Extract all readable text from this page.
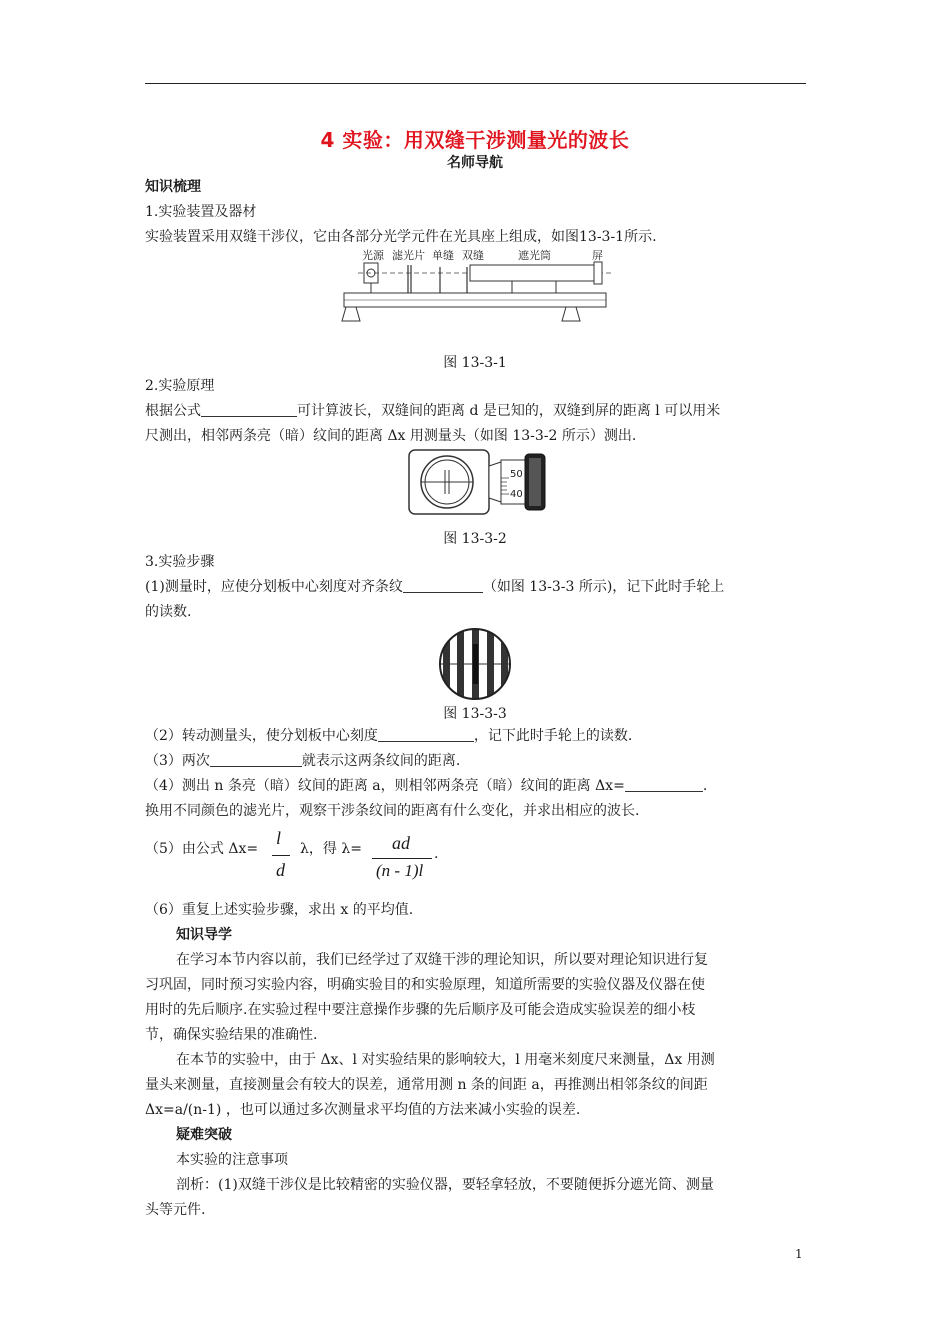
4 实验：用双缝干涉测量光的波长
名师导航
知识梳理
1.实验装置及器材
实验装置采用双缝干涉仪，它由各部分光学元件在光具座上组成，如图13-3-1所示.
光源 滤光片 单缝 双缝	遮光筒	屏
图 13-3-1
2.实验原理
根据公式	可计算波长，双缝间的距离 d 是已知的，双缝到屏的距离 l 可以用米
尺测出，相邻两条亮（暗）纹间的距离 Δx 用测量头（如图 13-3-2 所示）测出.
50
40
图 13-3-2
3.实验步骤
(1)测量时，应使分划板中心刻度对齐条纹	（如图 13-3-3 所示)，记下此时手轮上
的读数.
图 13-3-3
（2）转动测量头，使分划板中心刻度	，记下此时手轮上的读数.
（3）两次	就表示这两条纹间的距离.
（4）测出 n 条亮（暗）纹间的距离 a，则相邻两条亮（暗）纹间的距离 Δx=	.
换用不同颜色的滤光片，观察干涉条纹间的距离有什么变化，并求出相应的波长.
（5）由公式 Δx=
l
d
λ，得 λ=	ad
(n - 1)l
.
（6）重复上述实验步骤，求出 x 的平均值.
知识导学
在学习本节内容以前，我们已经学过了双缝干涉的理论知识，所以要对理论知识进行复
习巩固，同时预习实验内容，明确实验目的和实验原理，知道所需要的实验仪器及仪器在使
用时的先后顺序.在实验过程中要注意操作步骤的先后顺序及可能会造成实验误差的细小枝
节，确保实验结果的准确性.
在本节的实验中，由于 Δx、l 对实验结果的影响较大，l 用毫米刻度尺来测量，Δx 用测
量头来测量，直接测量会有较大的误差，通常用测 n 条的间距 a，再推测出相邻条纹的间距
Δx=a/(n-1) ，也可以通过多次测量求平均值的方法来减小实验的误差.
疑难突破
本实验的注意事项
剖析：(1)双缝干涉仪是比较精密的实验仪器，要轻拿轻放，不要随便拆分遮光筒、测量
头等元件.
1
